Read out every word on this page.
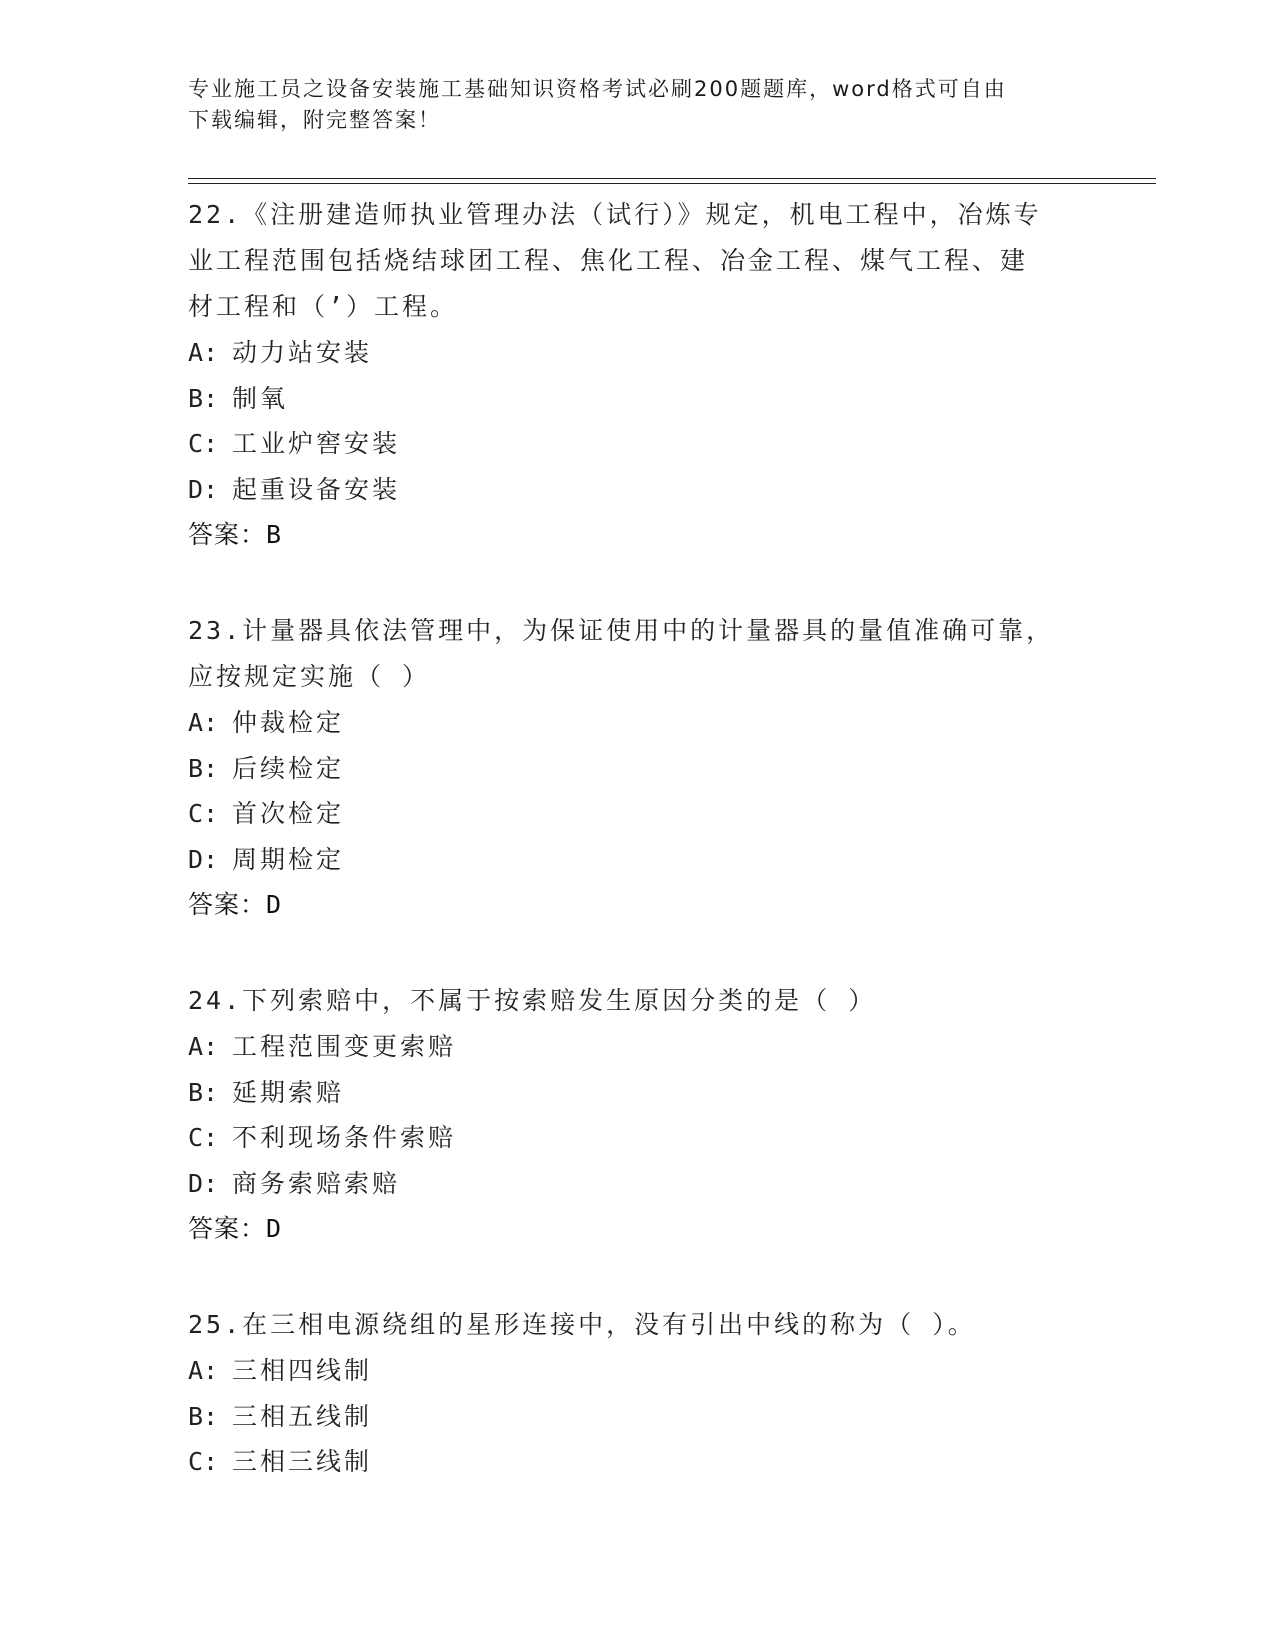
专业施工员之设备安装施工基础知识资格考试必刷200题题库，word格式可自由
下载编辑，附完整答案！
22.《注册建造师执业管理办法（试行）》规定，机电工程中，冶炼专
业工程范围包括烧结球团工程、焦化工程、冶金工程、煤气工程、建
材工程和（’）工程。
A: 动力站安装
B: 制氧
C: 工业炉窖安装
D: 起重设备安装
答案：B
23.计量器具依法管理中，为保证使用中的计量器具的量值准确可靠，
应按规定实施（ ）
A: 仲裁检定
B: 后续检定
C: 首次检定
D: 周期检定
答案：D
24.下列索赔中，不属于按索赔发生原因分类的是（ ）
A: 工程范围变更索赔
B: 延期索赔
C: 不利现场条件索赔
D: 商务索赔索赔
答案：D
25.在三相电源绕组的星形连接中，没有引出中线的称为（ ）。
A: 三相四线制
B: 三相五线制
C: 三相三线制
